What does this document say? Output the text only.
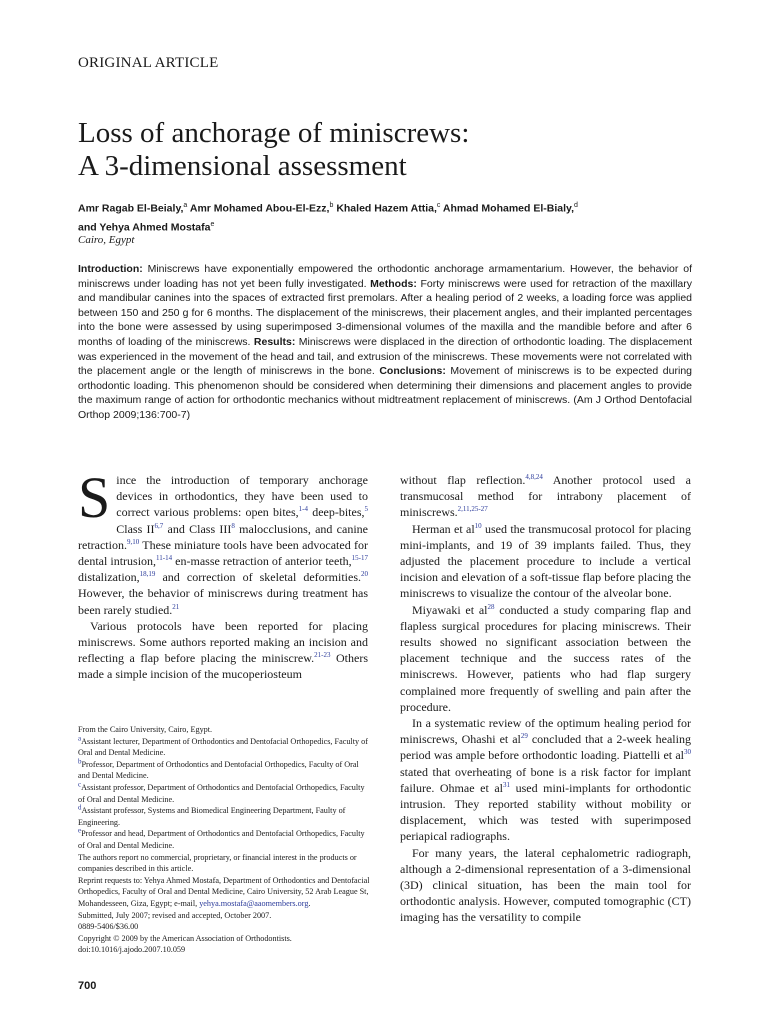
ORIGINAL ARTICLE
Loss of anchorage of miniscrews:
A 3-dimensional assessment
Amr Ragab El-Beialy,$^a$ Amr Mohamed Abou-El-Ezz,$^b$ Khaled Hazem Attia,$^c$ Ahmad Mohamed El-Bialy,$^d$
and Yehya Ahmed Mostafa$^e$
Cairo, Egypt

Introduction: Miniscrews have exponentially empowered the orthodontic anchorage armamentarium. However, the behavior of miniscrews under loading has not yet been fully investigated. Methods: Forty miniscrews were used for retraction of the maxillary and mandibular canines into the spaces of extracted first premolars. After a healing period of 2 weeks, a loading force was applied between 150 and 250 g for 6 months. The displacement of the miniscrews, their placement angles, and their implanted percentages into the bone were assessed by using superimposed 3-dimensional volumes of the maxilla and the mandible before and after 6 months of loading of the miniscrews. Results: Miniscrews were displaced in the direction of orthodontic loading. The displacement was experienced in the movement of the head and tail, and extrusion of the miniscrews. These movements were not correlated with the placement angle or the length of miniscrews in the bone. Conclusions: Movement of miniscrews is to be expected during orthodontic loading. This phenomenon should be considered when determining their dimensions and placement angles to provide the maximum range of action for orthodontic mechanics without midtreatment replacement of miniscrews. (Am J Orthod Dentofacial Orthop 2009;136:700-7)

Since the introduction of temporary anchorage devices in orthodontics, they have been used to correct various problems: open bites,$^{1-4}$ deep-bites,$^5$ Class II$^{6,7}$ and Class III$^8$ malocclusions, and canine retraction.$^{9,10}$ These miniature tools have been advocated for dental intrusion,$^{11-14}$ en-masse retraction of anterior teeth,$^{15-17}$ distalization,$^{18,19}$ and correction of skeletal deformities.$^{20}$ However, the behavior of miniscrews during treatment has been rarely studied.$^{21}$

Various protocols have been reported for placing miniscrews. Some authors reported making an incision and reflecting a flap before placing the miniscrew.$^{21-23}$ Others made a simple incision of the mucoperiosteum

From the Cairo University, Cairo, Egypt.
$^a$Assistant lecturer, Department of Orthodontics and Dentofacial Orthopedics, Faculty of Oral and Dental Medicine.
$^b$Professor, Department of Orthodontics and Dentofacial Orthopedics, Faculty of Oral and Dental Medicine.
$^c$Assistant professor, Department of Orthodontics and Dentofacial Orthopedics, Faculty of Oral and Dental Medicine.
$^d$Assistant professor, Systems and Biomedical Engineering Department, Faulty of Engineering.
$^e$Professor and head, Department of Orthodontics and Dentofacial Orthopedics, Faculty of Oral and Dental Medicine.
The authors report no commercial, proprietary, or financial interest in the products or companies described in this article.
Reprint requests to: Yehya Ahmed Mostafa, Department of Orthodontics and Dentofacial Orthopedics, Faculty of Oral and Dental Medicine, Cairo University, 52 Arab League St, Mohandesseen, Giza, Egypt; e-mail, yehya.mostafa@aaomembers.org.
Submitted, July 2007; revised and accepted, October 2007.
0889-5406/$36.00
Copyright © 2009 by the American Association of Orthodontists.
doi:10.1016/j.ajodo.2007.10.059

without flap reflection.$^{4,8,24}$ Another protocol used a transmucosal method for intrabony placement of miniscrews.$^{2,11,25-27}$

Herman et $al^{10}$ used the transmucosal protocol for placing mini-implants, and 19 of 39 implants failed. Thus, they adjusted the placement procedure to include a vertical incision and elevation of a soft-tissue flap before placing the miniscrews to visualize the contour of the alveolar bone.

Miyawaki et $al^{28}$ conducted a study comparing flap and flapless surgical procedures for placing miniscrews. Their results showed no significant association between the placement technique and the success rates of the miniscrews. However, patients who had flap surgery complained more frequently of swelling and pain after the procedure.

In a systematic review of the optimum healing period for miniscrews, Ohashi et $al^{29}$ concluded that a 2-week healing period was ample before orthodontic loading. Piattelli et $al^{30}$ stated that overheating of bone is a risk factor for implant failure. Ohmae et $al^{31}$ used mini-implants for orthodontic intrusion. They reported stability without mobility or displacement, which was tested with superimposed periapical radiographs.

For many years, the lateral cephalometric radiograph, although a 2-dimensional representation of a 3-dimensional (3D) clinical situation, has been the main tool for orthodontic analysis. However, computed tomographic (CT) imaging has the versatility to compile

700
